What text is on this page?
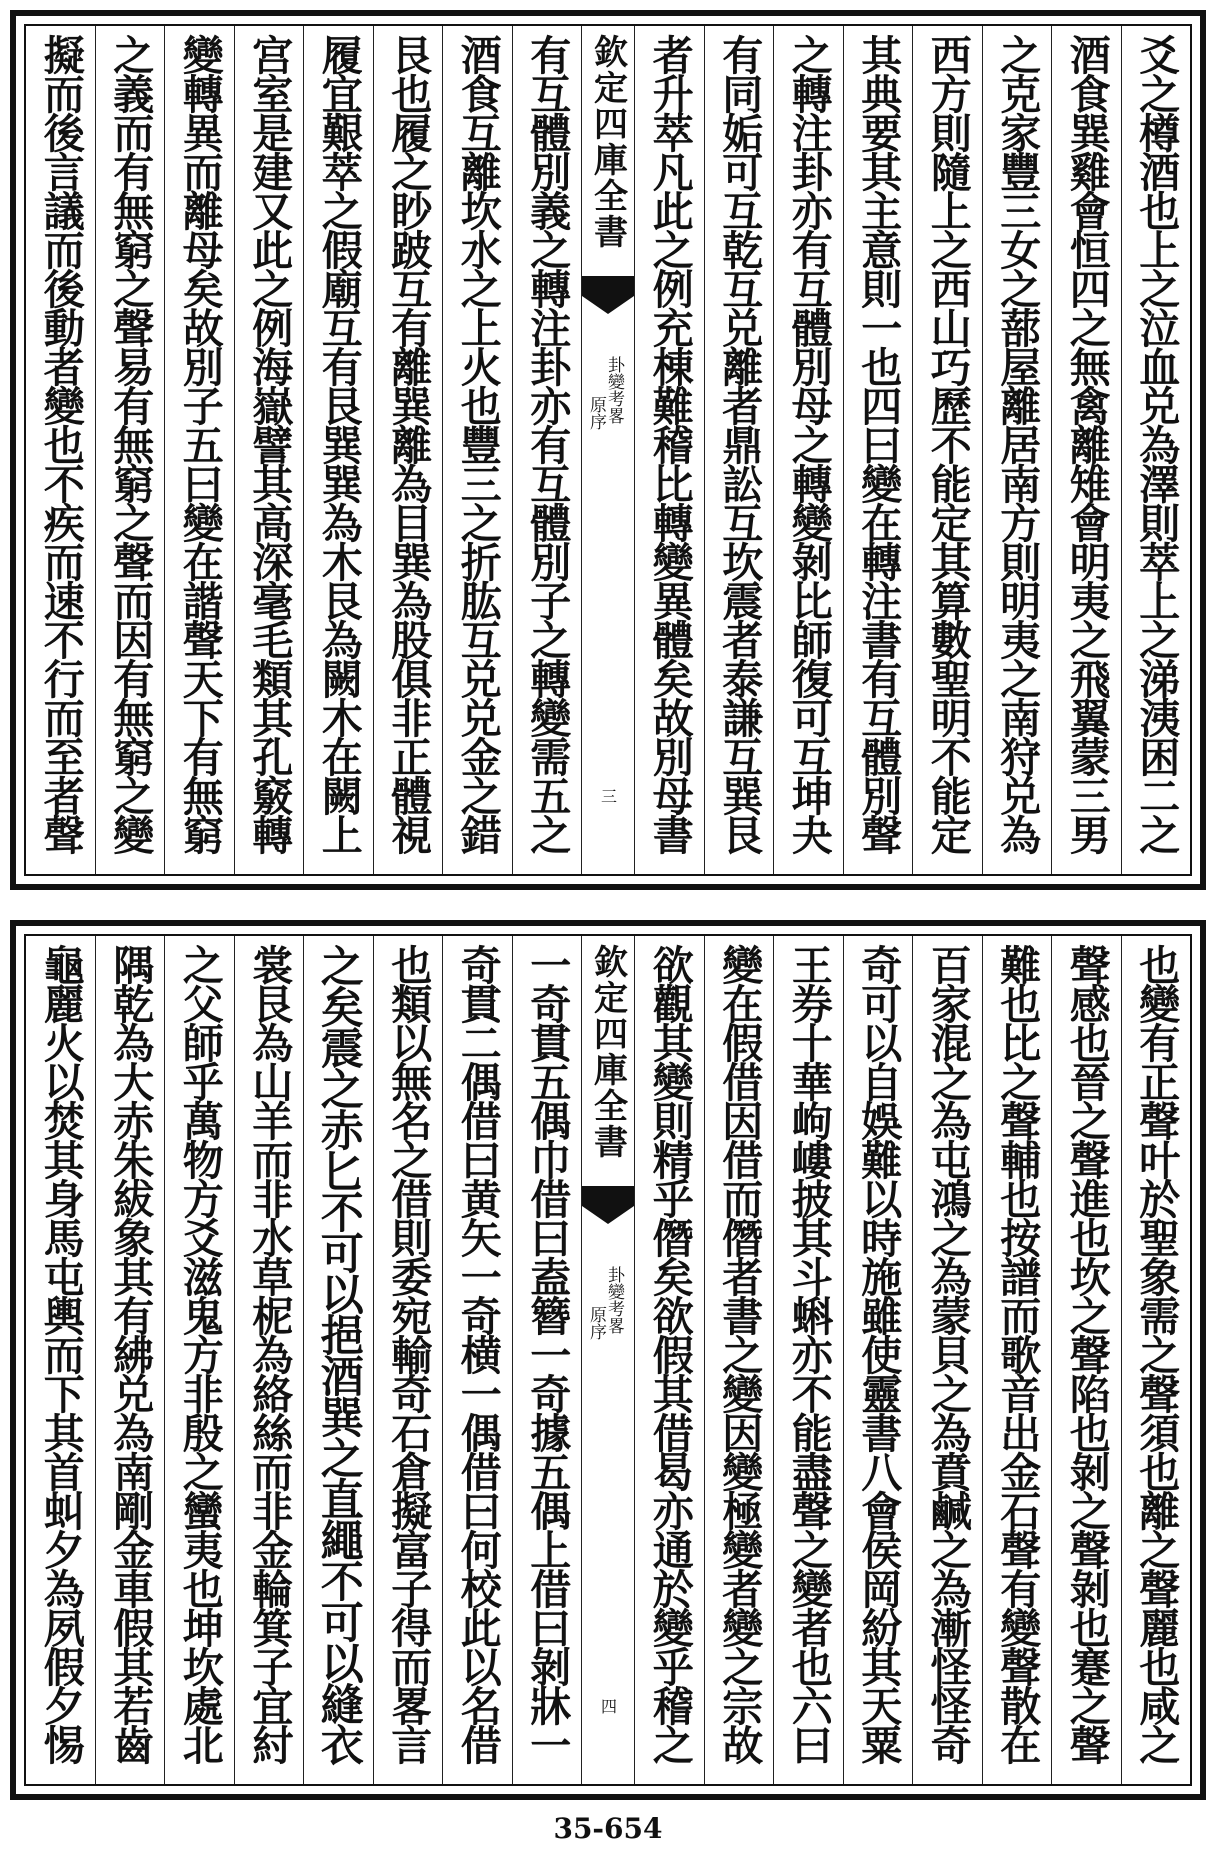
爻之樽酒也上之泣血兑為澤則萃上之涕洟困二之
酒食巽雞會恒四之無禽離雉會明夷之飛翼蒙三男
之克家豐三女之蔀屋離居南方則明夷之南狩兑為
西方則隨上之西山巧歷不能定其算數聖明不能定
其典要其主意則一也四曰變在轉注書有互體別聲
之轉注卦亦有互體別母之轉變剝比師復可互坤夬
有同姤可互乾互兑離者鼎訟互坎震者泰謙互巽艮
者升萃凡此之例充棟難稽比轉變異體矣故別母書
欽定四庫全書
卦變考畧
原序
三
有互體別義之轉注卦亦有互體別子之轉變需五之
酒食互離坎水之上火也豐三之折肱互兑兑金之錯
艮也履之眇跛互有離巽離為目巽為股俱非正體視
履宜艱萃之假廟互有艮巽巽為木艮為闕木在闕上
宫室是建又此之例海嶽譬其高深毫毛類其孔竅轉
變轉異而離母矣故別子五曰變在諧聲天下有無窮
之義而有無窮之聲易有無窮之聲而因有無窮之變
擬而後言議而後動者變也不疾而速不行而至者聲
也變有正聲叶於聖象需之聲須也離之聲麗也咸之
聲感也晉之聲進也坎之聲陷也剝之聲剝也蹇之聲
難也比之聲輔也按譜而歌音出金石聲有變聲散在
百家混之為屯鴻之為蒙貝之為賁鹹之為漸怪怪奇
奇可以自娛難以時施雖使靈書八會侯岡紛其天粟
王券十華岣嶁披其斗蝌亦不能盡聲之變者也六曰
變在假借因借而僭者書之變因變極變者變之宗故
欲觀其變則精乎僭矣欲假其借曷亦通於變乎稽之
欽定四庫全書
卦變考畧
原序
四
一奇貫五偶巾借曰盍簪一奇據五偶上借曰剝牀一
奇貫二偶借曰黄矢一奇横一偶借曰何校此以名借
也類以無名之借則委宛輸奇石倉擬富子得而畧言
之矣震之赤匕不可以挹酒巽之直繩不可以縫衣
裳艮為山羊而非水草柅為絡絲而非金輪箕子宜紂
之父師乎萬物方爻滋鬼方非殷之蠻夷也坤坎處北
隅乾為大赤朱紱象其有紼兑為南剛金車假其若齒
龜麗火以焚其身馬屯輿而下其首虯夕為夙假夕惕
35-654
